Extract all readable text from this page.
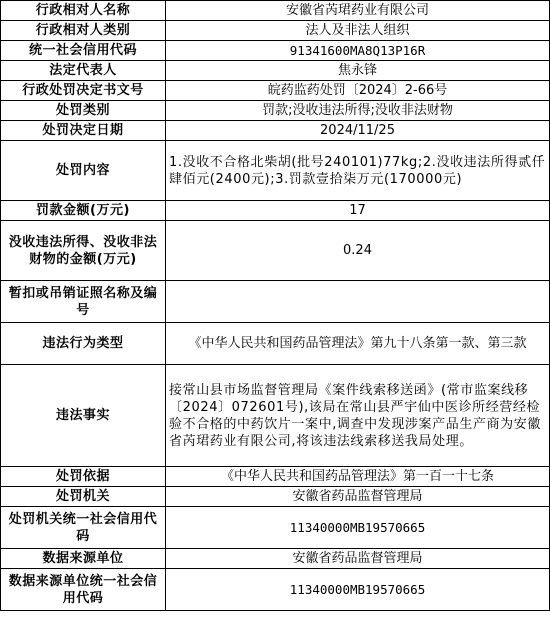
行政相对人名称	安徽省芮珺药业有限公司
行政相对人类别	法人及非法人组织
统一社会信用代码	91341600MA8Q13P16R
法定代表人	焦永锋
行政处罚决定书文号	皖药监药处罚〔2024〕2-66号
处罚类别	罚款;没收违法所得;没收非法财物
处罚决定日期	2024/11/25
处罚内容	1.没收不合格北柴胡(批号240101)77kg;2.没收违法所得贰仟肆佰元(2400元);3.罚款壹拾柒万元(170000元)
罚款金额(万元)	17
没收违法所得、没收非法财物的金额(万元)	0.24
暂扣或吊销证照名称及编号	
违法行为类型	《中华人民共和国药品管理法》第九十八条第一款、第三款
违法事实	接常山县市场监督管理局《案件线索移送函》(常市监案线移〔2024〕072601号),该局在常山县严宇仙中医诊所经营经检验不合格的中药饮片一案中,调查中发现涉案产品生产商为安徽省芮珺药业有限公司,将该违法线索移送我局处理。
处罚依据	《中华人民共和国药品管理法》第一百一十七条
处罚机关	安徽省药品监督管理局
处罚机关统一社会信用代码	11340000MB19570665
数据来源单位	安徽省药品监督管理局
数据来源单位统一社会信用代码	11340000MB19570665
